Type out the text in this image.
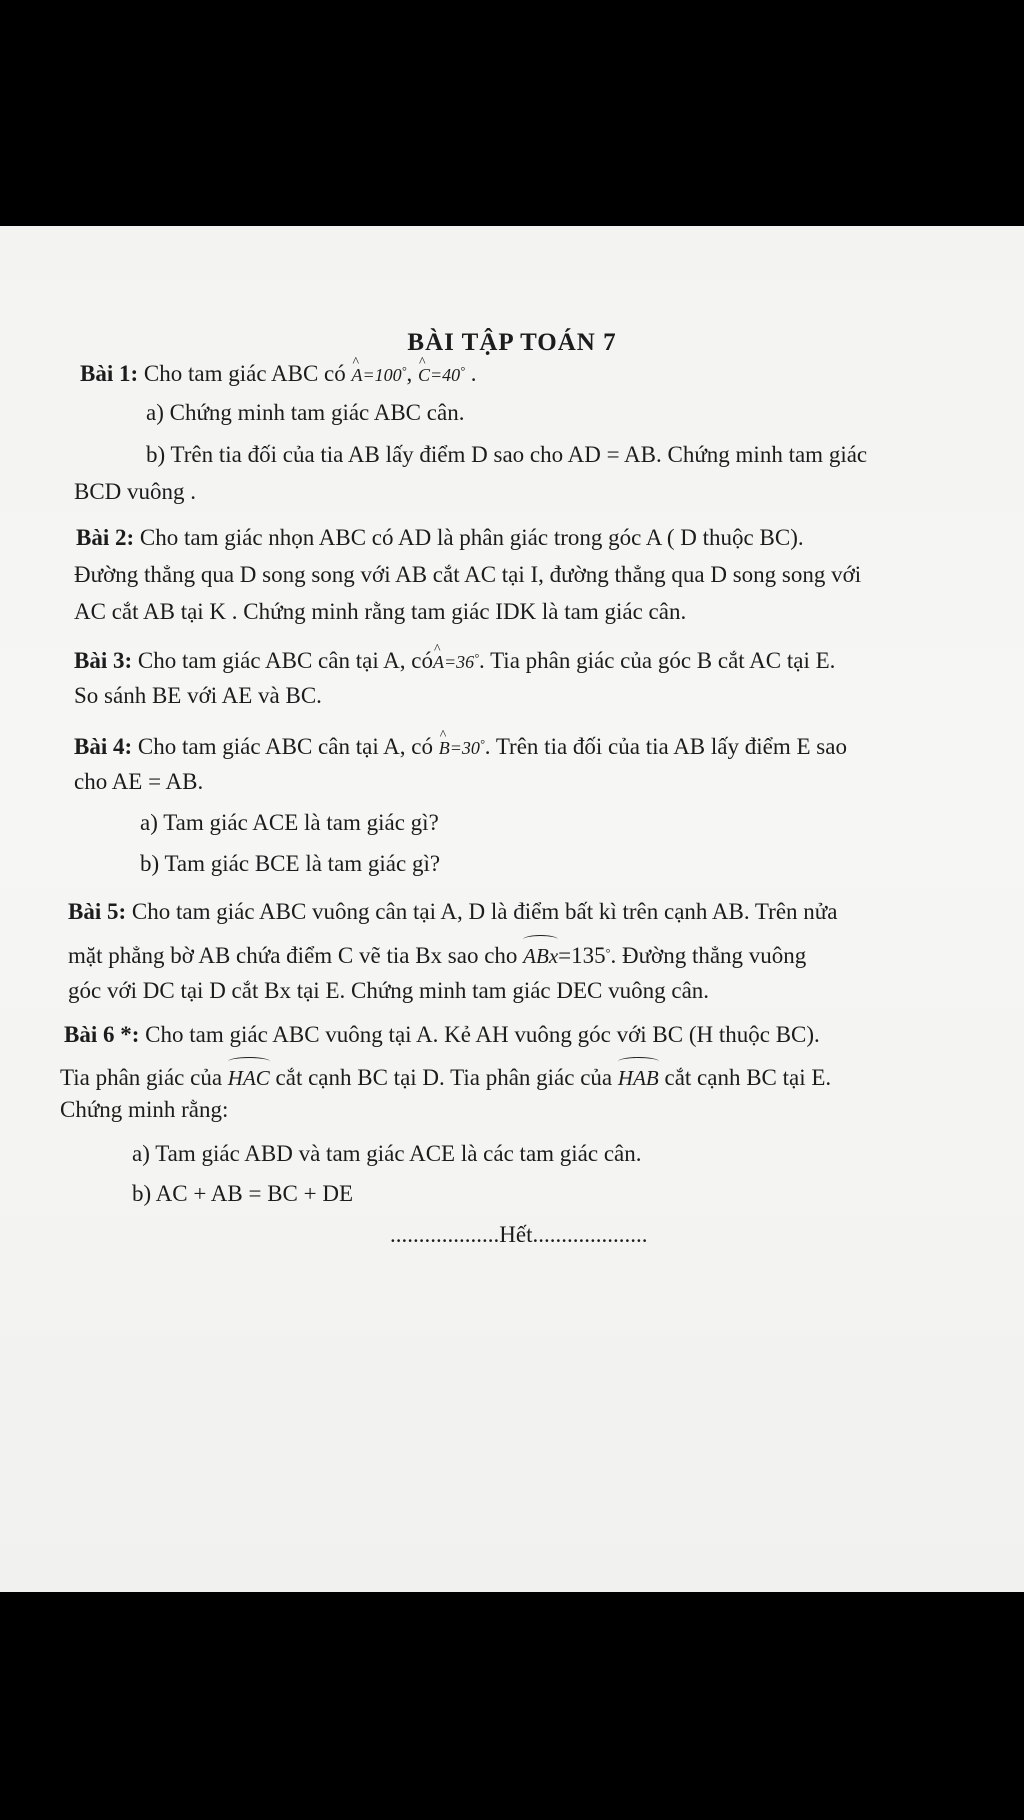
BÀI TẬP TOÁN 7
Bài 1: Cho tam giác ABC có ^ A=100°, ^ C=40° .
a) Chứng minh tam giác ABC cân.
b) Trên tia đối của tia AB lấy điểm D sao cho AD = AB. Chứng minh tam giác
BCD vuông .
Bài 2: Cho tam giác nhọn ABC có AD là phân giác trong góc A ( D thuộc BC).
Đường thẳng qua D song song với AB cắt AC tại I, đường thẳng qua D song song với
AC cắt AB tại K . Chứng minh rằng tam giác IDK là tam giác cân.
Bài 3: Cho tam giác ABC cân tại A, có^ A=36°. Tia phân giác của góc B cắt AC tại E.
So sánh BE với AE và BC.
Bài 4: Cho tam giác ABC cân tại A, có ^ B=30°. Trên tia đối của tia AB lấy điểm E sao
cho AE = AB.
a) Tam giác ACE là tam giác gì?
b) Tam giác BCE là tam giác gì?
Bài 5: Cho tam giác ABC vuông cân tại A, D là điểm bất kì trên cạnh AB. Trên nửa
mặt phẳng bờ AB chứa điểm C vẽ tia Bx sao cho ABx=135°. Đường thẳng vuông
góc với DC tại D cắt Bx tại E. Chứng minh tam giác DEC vuông cân.
Bài 6 *: Cho tam giác ABC vuông tại A. Kẻ AH vuông góc với BC (H thuộc BC).
Tia phân giác của HAC cắt cạnh BC tại D. Tia phân giác của HAB cắt cạnh BC tại E.
Chứng minh rằng:
a) Tam giác ABD và tam giác ACE là các tam giác cân.
b) AC + AB = BC + DE
...................Hết....................
